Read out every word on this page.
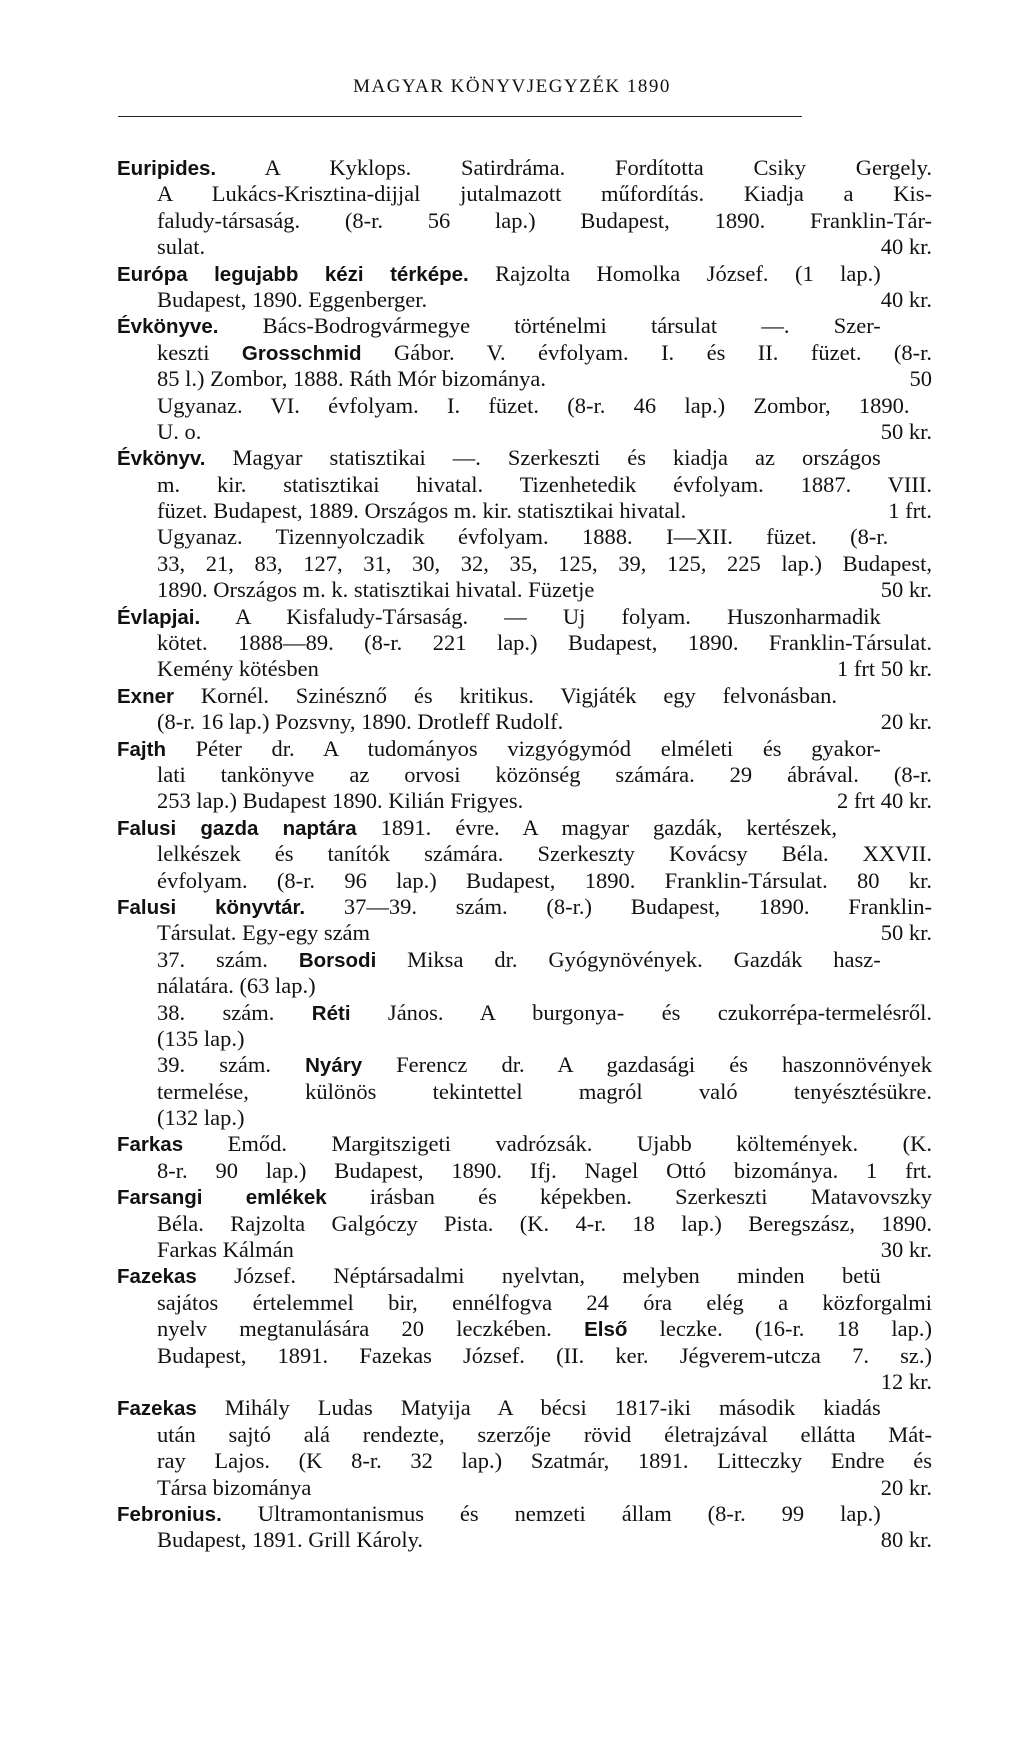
MAGYAR KÖNYVJEGYZÉK 1890
Euripides. A Kyklops. Satirdráma. Fordította Csiky Gergely.
A Lukács-Krisztina-dijjal jutalmazott műfordítás. Kiadja a Kis-
faludy-társaság. (8-r. 56 lap.) Budapest, 1890. Franklin-Tár-
40 kr.
sulat.
Európa legujabb kézi térképe. Rajzolta Homolka József. (1 lap.)
40 kr.
Budapest, 1890. Eggenberger.
Évkönyve. Bács-Bodrogvármegye történelmi társulat —. Szer-
keszti Grosschmid Gábor. V. évfolyam. I. és II. füzet. (8-r.
50
85 l.) Zombor, 1888. Ráth Mór bizománya.
Ugyanaz. VI. évfolyam. I. füzet. (8-r. 46 lap.) Zombor, 1890.
50 kr.
U. o.
Évkönyv. Magyar statisztikai —. Szerkeszti és kiadja az országos
m. kir. statisztikai hivatal. Tizenhetedik évfolyam. 1887. VIII.
1 frt.
füzet. Budapest, 1889. Országos m. kir. statisztikai hivatal.
Ugyanaz. Tizennyolczadik évfolyam. 1888. I—XII. füzet. (8-r.
33, 21, 83, 127, 31, 30, 32, 35, 125, 39, 125, 225 lap.) Budapest,
50 kr.
1890. Országos m. k. statisztikai hivatal. Füzetje
Évlapjai. A Kisfaludy-Társaság. — Uj folyam. Huszonharmadik
kötet. 1888—89. (8-r. 221 lap.) Budapest, 1890. Franklin-Társulat.
1 frt 50 kr.
Kemény kötésben
Exner Kornél. Szinésznő és kritikus. Vigjáték egy felvonásban.
20 kr.
(8-r. 16 lap.) Pozsvny, 1890. Drotleff Rudolf.
Fajth Péter dr. A tudományos vizgyógymód elméleti és gyakor-
lati tankönyve az orvosi közönség számára. 29 ábrával. (8-r.
2 frt 40 kr.
253 lap.) Budapest 1890. Kilián Frigyes.
Falusi gazda naptára 1891. évre. A magyar gazdák, kertészek,
lelkészek és tanítók számára. Szerkeszty Kovácsy Béla. XXVII.
évfolyam. (8-r. 96 lap.) Budapest, 1890. Franklin-Társulat. 80 kr.
Falusi könyvtár. 37—39. szám. (8-r.) Budapest, 1890. Franklin-
50 kr.
Társulat. Egy-egy szám
37. szám. Borsodi Miksa dr. Gyógynövények. Gazdák hasz-
nálatára. (63 lap.)
38. szám. Réti János. A burgonya- és czukorrépa-termelésről.
(135 lap.)
39. szám. Nyáry Ferencz dr. A gazdasági és haszonnövények
termelése, különös tekintettel magról való tenyésztésükre.
(132 lap.)
Farkas Emőd. Margitszigeti vadrózsák. Ujabb költemények. (K.
8-r. 90 lap.) Budapest, 1890. Ifj. Nagel Ottó bizománya. 1 frt.
Farsangi emlékek irásban és képekben. Szerkeszti Matavovszky
Béla. Rajzolta Galgóczy Pista. (K. 4-r. 18 lap.) Beregszász, 1890.
30 kr.
Farkas Kálmán
Fazekas József. Néptársadalmi nyelvtan, melyben minden betü
sajátos értelemmel bir, ennélfogva 24 óra elég a közforgalmi
nyelv megtanulására 20 leczkében. Első leczke. (16-r. 18 lap.)
Budapest, 1891. Fazekas József. (II. ker. Jégverem-utcza 7. sz.)
12 kr.
Fazekas Mihály Ludas Matyija A bécsi 1817-iki második kiadás
után sajtó alá rendezte, szerzője rövid életrajzával ellátta Mát-
ray Lajos. (K 8-r. 32 lap.) Szatmár, 1891. Litteczky Endre és
20 kr.
Társa bizománya
Febronius. Ultramontanismus és nemzeti állam (8-r. 99 lap.)
80 kr.
Budapest, 1891. Grill Károly.
